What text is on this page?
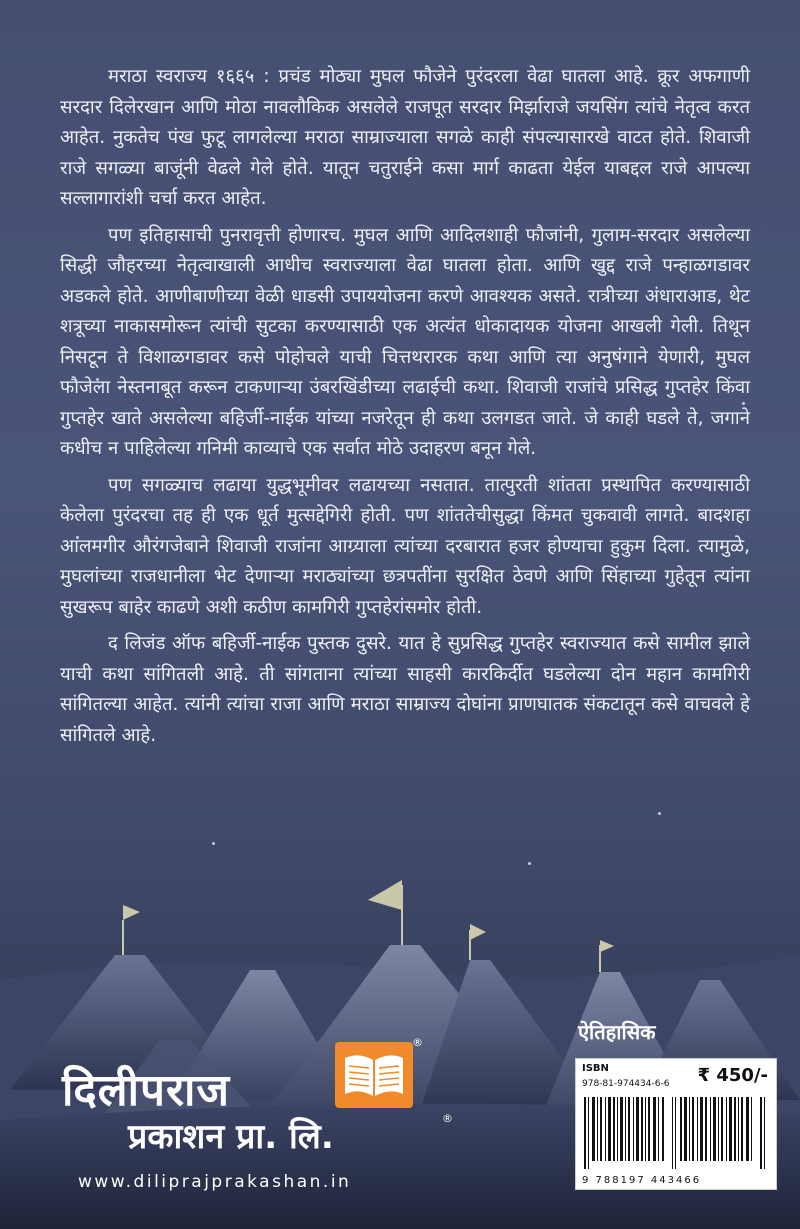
मराठा स्वराज्य १६६५ : प्रचंड मोठ्या मुघल फौजेने पुरंदरला वेढा घातला आहे. क्रूर अफगाणी सरदार दिलेरखान आणि मोठा नावलौकिक असलेले राजपूत सरदार मिर्झाराजे जयसिंग त्यांचे नेतृत्व करत आहेत. नुकतेच पंख फुटू लागलेल्या मराठा साम्राज्याला सगळे काही संपल्यासारखे वाटत होते. शिवाजी राजे सगळ्या बाजूंनी वेढले गेले होते. यातून चतुराईने कसा मार्ग काढता येईल याबद्दल राजे आपल्या सल्लागारांशी चर्चा करत आहेत.

पण इतिहासाची पुनरावृत्ती होणारच. मुघल आणि आदिलशाही फौजांनी, गुलाम-सरदार असलेल्या सिद्धी जौहरच्या नेतृत्वाखाली आधीच स्वराज्याला वेढा घातला होता. आणि खुद्द राजे पन्हाळगडावर अडकले होते. आणीबाणीच्या वेळी धाडसी उपाययोजना करणे आवश्यक असते. रात्रीच्या अंधाराआड, थेट शत्रूच्या नाकासमोरून त्यांची सुटका करण्यासाठी एक अत्यंत धोकादायक योजना आखली गेली. तिथून निसटून ते विशाळगडावर कसे पोहोचले याची चित्तथरारक कथा आणि त्या अनुषंगाने येणारी, मुघल फौजेला नेस्तनाबूत करून टाकणाऱ्या उंबरखिंडीच्या लढाईची कथा. शिवाजी राजांचे प्रसिद्ध गुप्तहेर किंवा गुप्तहेर खाते असलेल्या बहिर्जी-नाईक यांच्या नजरेतून ही कथा उलगडत जाते. जे काही घडले ते, जगाने कधीच न पाहिलेल्या गनिमी काव्याचे एक सर्वात मोठे उदाहरण बनून गेले.

पण सगळ्याच लढाया युद्धभूमीवर लढायच्या नसतात. तात्पुरती शांतता प्रस्थापित करण्यासाठी केलेला पुरंदरचा तह ही एक धूर्त मुत्सद्देगिरी होती. पण शांततेचीसुद्धा किंमत चुकवावी लागते. बादशहा आलमगीर औरंगजेबाने शिवाजी राजांना आग्र्याला त्यांच्या दरबारात हजर होण्याचा हुकुम दिला. त्यामुळे, मुघलांच्या राजधानीला भेट देणाऱ्या मराठ्यांच्या छत्रपतींना सुरक्षित ठेवणे आणि सिंहाच्या गुहेतून त्यांना सुखरूप बाहेर काढणे अशी कठीण कामगिरी गुप्तहेरांसमोर होती.

द लिजंड ऑफ बहिर्जी-नाईक पुस्तक दुसरे. यात हे सुप्रसिद्ध गुप्तहेर स्वराज्यात कसे सामील झाले याची कथा सांगितली आहे. ती सांगताना त्यांच्या साहसी कारकिर्दीत घडलेल्या दोन महान कामगिरी सांगितल्या आहेत. त्यांनी त्यांचा राजा आणि मराठा साम्राज्य दोघांना प्राणघातक संकटातून कसे वाचवले हे सांगितले आहे.

ऐतिहासिक
ISBN
978-81-974434-6-6 ₹ 450/-
9 788197 443466
®
दिलीपराज
प्रकाशन प्रा. लि.	®
www.diliprajprakashan.in
